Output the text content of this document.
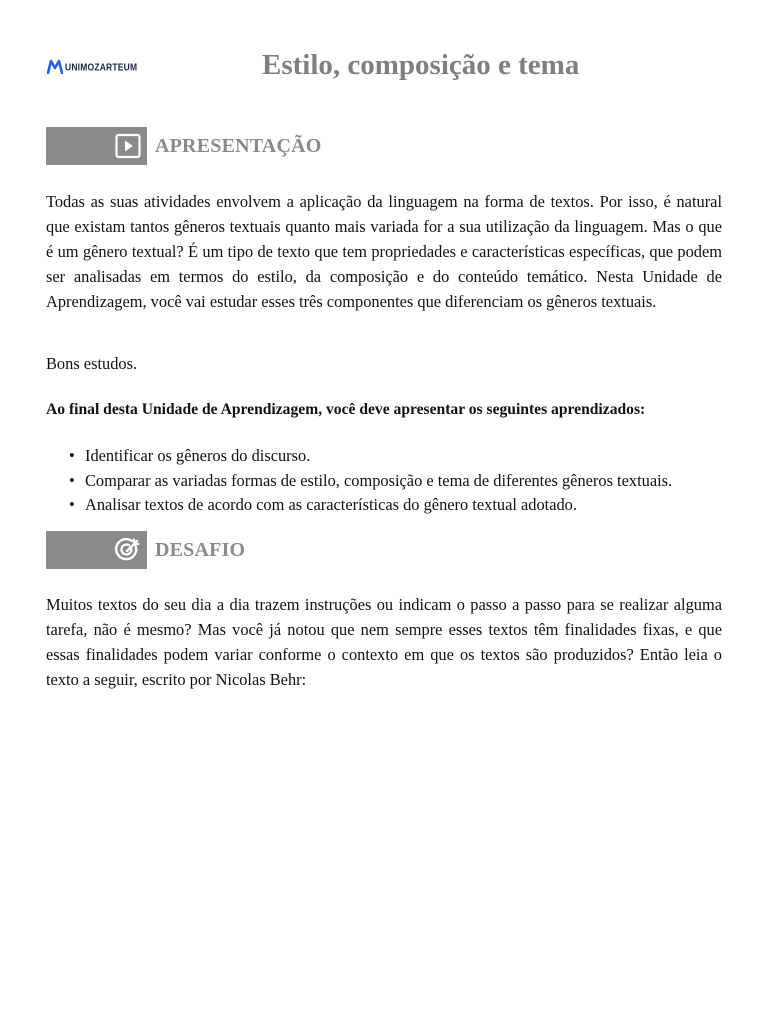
UNIMOZARTEUM	Estilo, composição e tema
APRESENTAÇÃO

Todas as suas atividades envolvem a aplicação da linguagem na forma de textos. Por isso, é natural que existam tantos gêneros textuais quanto mais variada for a sua utilização da linguagem. Mas o que é um gênero textual? É um tipo de texto que tem propriedades e características específicas, que podem ser analisadas em termos do estilo, da composição e do conteúdo temático. Nesta Unidade de Aprendizagem, você vai estudar esses três componentes que diferenciam os gêneros textuais.

Bons estudos.

Ao final desta Unidade de Aprendizagem, você deve apresentar os seguintes aprendizados:

• Identificar os gêneros do discurso.
• Comparar as variadas formas de estilo, composição e tema de diferentes gêneros textuais.
• Analisar textos de acordo com as características do gênero textual adotado.
DESAFIO

Muitos textos do seu dia a dia trazem instruções ou indicam o passo a passo para se realizar alguma tarefa, não é mesmo? Mas você já notou que nem sempre esses textos têm finalidades fixas, e que essas finalidades podem variar conforme o contexto em que os textos são produzidos? Então leia o texto a seguir, escrito por Nicolas Behr:
